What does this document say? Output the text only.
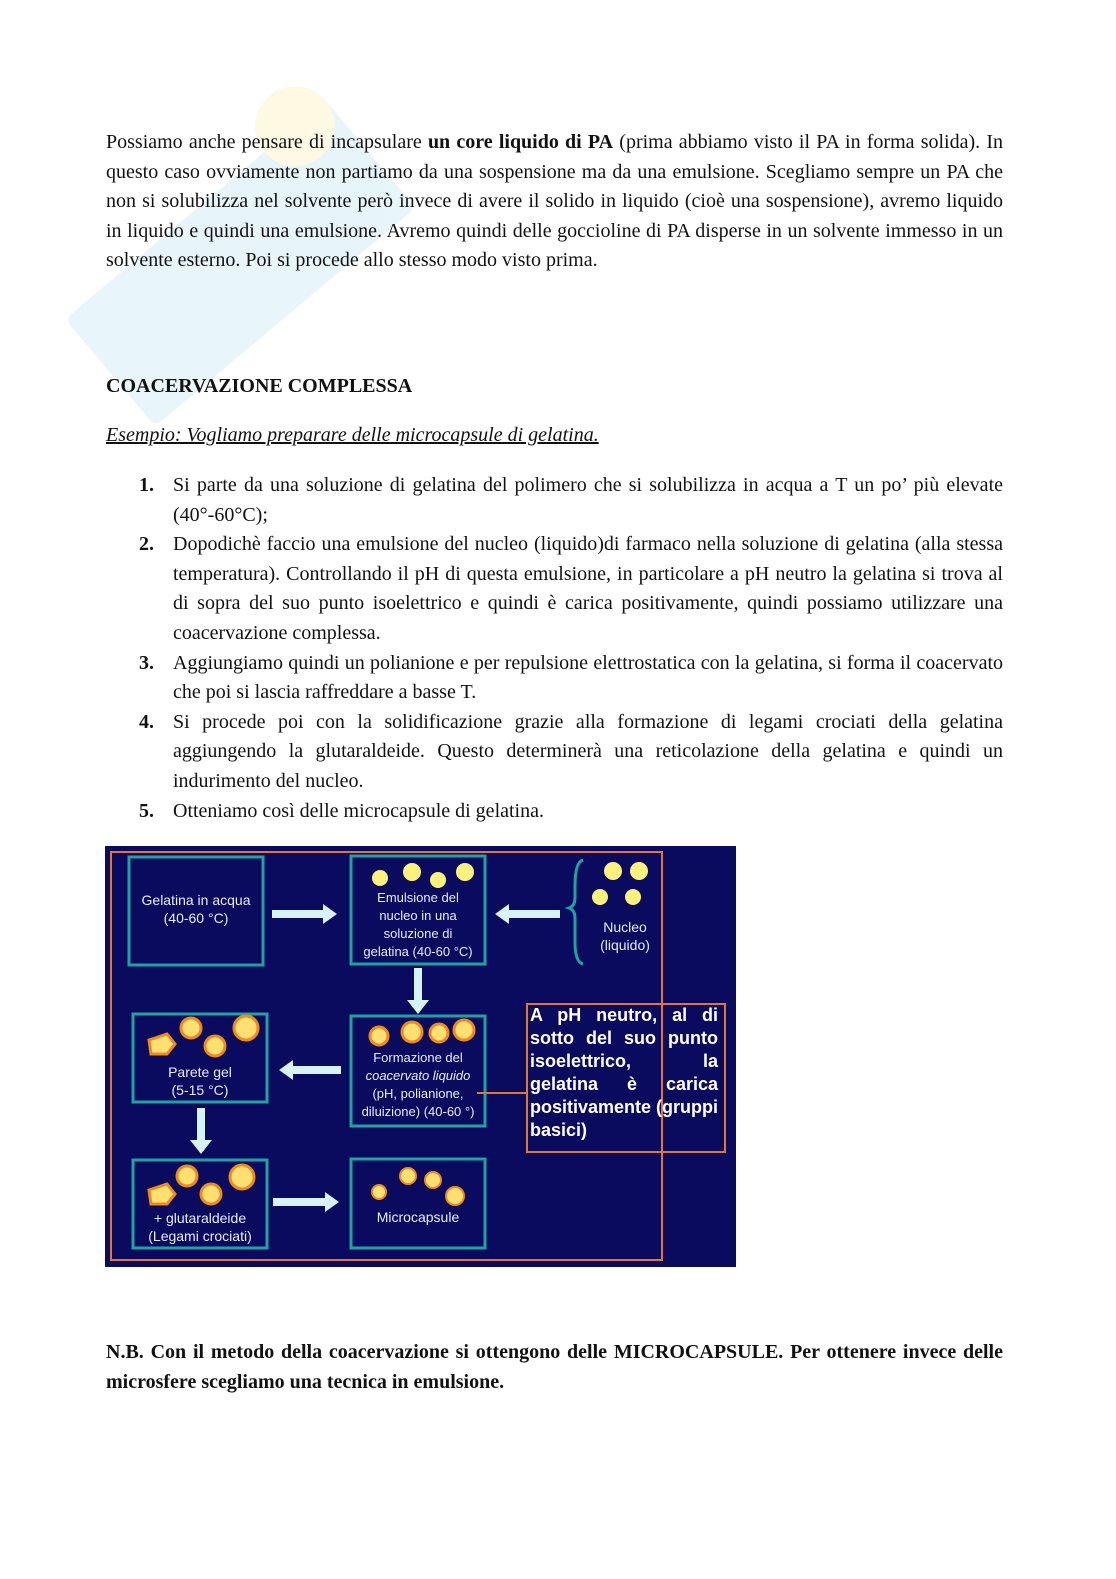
Possiamo anche pensare di incapsulare un core liquido di PA (prima abbiamo visto il PA in forma solida). In questo caso ovviamente non partiamo da una sospensione ma da una emulsione. Scegliamo sempre un PA che non si solubilizza nel solvente però invece di avere il solido in liquido (cioè una sospensione), avremo liquido in liquido e quindi una emulsione. Avremo quindi delle goccioline di PA disperse in un solvente immesso in un solvente esterno. Poi si procede allo stesso modo visto prima.

COACERVAZIONE COMPLESSA

Esempio: Vogliamo preparare delle microcapsule di gelatina.

1. Si parte da una soluzione di gelatina del polimero che si solubilizza in acqua a T un po’ più elevate (40°-60°C);
2. Dopodichè faccio una emulsione del nucleo (liquido)di farmaco nella soluzione di gelatina (alla stessa temperatura). Controllando il pH di questa emulsione, in particolare a pH neutro la gelatina si trova al di sopra del suo punto isoelettrico e quindi è carica positivamente, quindi possiamo utilizzare una coacervazione complessa.
3. Aggiungiamo quindi un polianione e per repulsione elettrostatica con la gelatina, si forma il coacervato che poi si lascia raffreddare a basse T.
4. Si procede poi con la solidificazione grazie alla formazione di legami crociati della gelatina aggiungendo la glutaraldeide. Questo determinerà una reticolazione della gelatina e quindi un indurimento del nucleo.
5. Otteniamo così delle microcapsule di gelatina.
Gelatina in acqua
(40-60 °C)
Emulsione del
nucleo in una
soluzione di
gelatina (40-60 °C)
Nucleo
(liquido)
Parete gel
(5-15 °C)
Formazione del
coacervato liquido
(pH, polianione,
diluizione) (40-60 °)
+ glutaraldeide
(Legami crociati)
Microcapsule
A pH neutro, al di sotto del suo punto isoelettrico, la gelatina è carica positivamente (gruppi basici)

N.B. Con il metodo della coacervazione si ottengono delle MICROCAPSULE. Per ottenere invece delle microsfere scegliamo una tecnica in emulsione.
